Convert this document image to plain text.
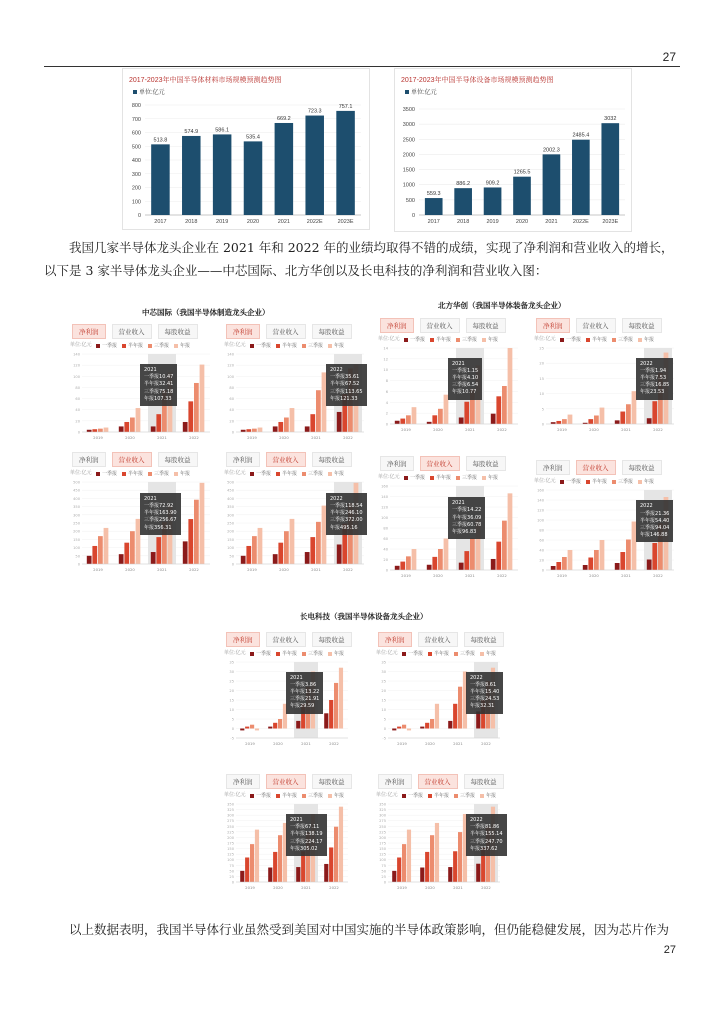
27
2017-2023年中国半导体材料市场规模预测趋势图
单位:亿元
0
100
200
300
400
500
600
700
800
513.8
2017
574.9
2018
586.1
2019
535.4
2020
669.2
2021
723.3
2022E
757.1
2023E
2017-2023年中国半导体设备市场规模预测趋势图
单位:亿元
0
500
1000
1500
2000
2500
3000
3500
559.3
2017
886.2
2018
909.2
2019
1265.5
2020
2002.3
2021
2485.4
2022E
3032
2023E
我国几家半导体龙头企业在 2021 年和 2022 年的业绩均取得不错的成绩，实现了净利润和营业收入的增长，以下是 3 家半导体龙头企业——中芯国际、北方华创以及长电科技的净利润和营业收入图：
中芯国际（我国半导体制造龙头企业）
北方华创（我国半导体装备龙头企业）
长电科技（我国半导体设备龙头企业）
净利润	营业收入	每股收益
单位:亿元 一季报 半年报 三季报 年报
0
20
40
60
80
100
120
140
2019	2020	2021	2022
2021
一季报10.47
半年报32.41
三季报75.18
年报107.33
净利润	营业收入	每股收益
单位:亿元 一季报 半年报 三季报 年报
0
20
40
60
80
100
120
140
2019	2020	2021	2022
2022
一季报35.61
半年报67.52
三季报113.65
年报121.33
净利润	营业收入	每股收益
单位:亿元 一季报 半年报 三季报 年报
0
2
4
6
8
10
12
14
2019	2020	2021	2022
2021
一季报1.15
半年报4.10
三季报6.54
年报10.77
净利润	营业收入	每股收益
单位:亿元 一季报 半年报 三季报 年报
0
5
10
15
20
25
2019	2020	2021	2022
2022
一季报1.94
半年报7.53
三季报16.85
年报23.53
净利润	营业收入	每股收益
单位:亿元 一季报 半年报 三季报 年报
0
50
100
150
200
250
300
350
400
450
500
2019	2020	2021	2022
2021
一季报72.92
半年报163.90
三季报256.67
年报356.31
净利润	营业收入	每股收益
单位:亿元 一季报 半年报 三季报 年报
0
50
100
150
200
250
300
350
400
450
500
2019	2020	2021	2022
2022
一季报118.54
半年报246.10
三季报372.00
年报495.16
净利润	营业收入	每股收益
单位:亿元 一季报 半年报 三季报 年报
0
20
40
60
80
100
120
140
160
2019	2020	2021	2022
2021
一季报14.22
半年报36.09
三季报60.78
年报96.83
净利润	营业收入	每股收益
单位:亿元 一季报 半年报 三季报 年报
0
20
40
60
80
100
120
140
160
2019	2020	2021	2022
2022
一季报21.36
半年报54.40
三季报94.04
年报146.88
净利润	营业收入	每股收益
单位:亿元 一季报 半年报 三季报 年报
-5
0
5
10
15
20
25
30
35
2019	2020	2021	2022
2021
一季报3.86
半年报13.22
三季报21.91
年报29.59
净利润	营业收入	每股收益
单位:亿元 一季报 半年报 三季报 年报
-5
0
5
10
15
20
25
30
35
2019	2020	2021	2022
2022
一季报8.61
半年报15.40
三季报24.53
年报32.31
净利润	营业收入	每股收益
单位:亿元 一季报 半年报 三季报 年报
0
25
50
75
100
125
150
175
200
225
250
275
300
325
350
2019	2020	2021	2022
2021
一季报67.11
半年报138.19
三季报224.17
年报305.02
净利润	营业收入	每股收益
单位:亿元 一季报 半年报 三季报 年报
0
25
50
75
100
125
150
175
200
225
250
275
300
325
350
2019	2020	2021	2022
2022
一季报81.86
半年报155.14
三季报247.70
年报337.62
以上数据表明，我国半导体行业虽然受到美国对中国实施的半导体政策影响，但仍能稳健发展，因为芯片作为
27
